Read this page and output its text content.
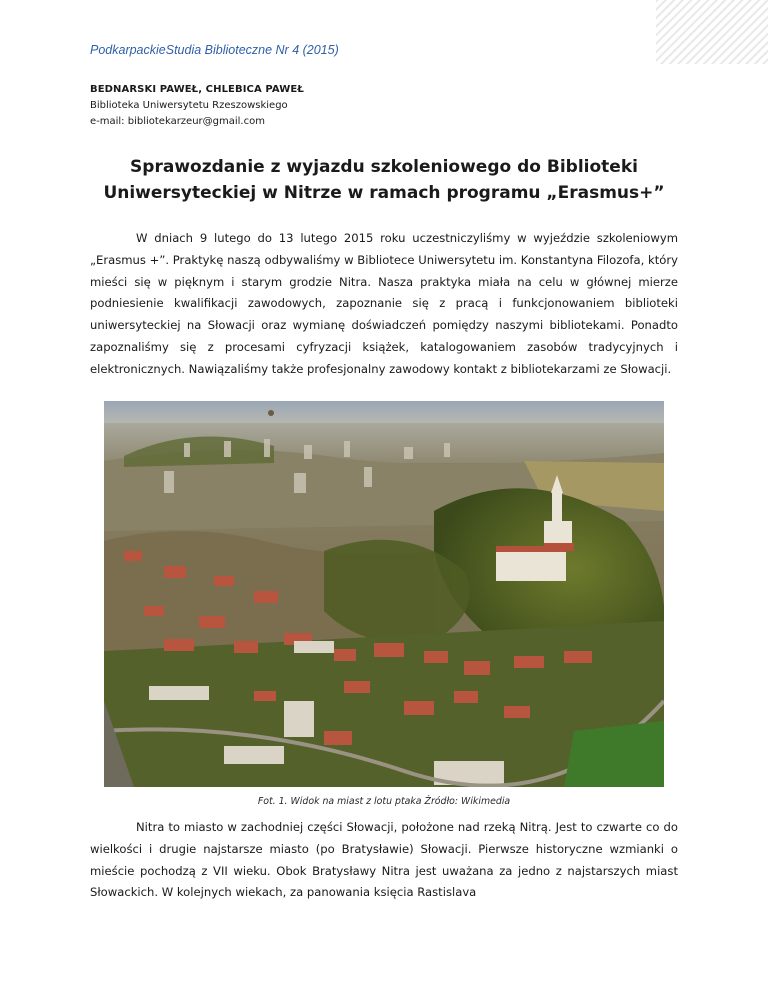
PodkarpackieStudia Biblioteczne Nr 4 (2015)
BEDNARSKI PAWEŁ, CHLEBICA PAWEŁ
Biblioteka Uniwersytetu Rzeszowskiego
e-mail: bibliotekarzeur@gmail.com
Sprawozdanie z wyjazdu szkoleniowego do Biblioteki
Uniwersyteckiej w Nitrze w ramach programu „Erasmus+”

W dniach 9 lutego do 13 lutego 2015 roku uczestniczyliśmy w wyjeździe szkoleniowym „Erasmus +”. Praktykę naszą odbywaliśmy w Bibliotece Uniwersytetu im. Konstantyna Filozofa, który mieści się w pięknym i starym grodzie Nitra. Nasza praktyka miała na celu w głównej mierze podniesienie kwalifikacji zawodowych, zapoznanie się z pracą i funkcjonowaniem biblioteki uniwersyteckiej na Słowacji oraz wymianę doświadczeń pomiędzy naszymi bibliotekami. Ponadto zapoznaliśmy się z procesami cyfryzacji książek, katalogowaniem zasobów tradycyjnych i elektronicznych. Nawiązaliśmy także profesjonalny zawodowy kontakt z bibliotekarzami ze Słowacji.

Fot. 1. Widok na miast z lotu ptaka Źródło: Wikimedia

Nitra to miasto w zachodniej części Słowacji, położone nad rzeką Nitrą. Jest to czwarte co do wielkości i drugie najstarsze miasto (po Bratysławie) Słowacji. Pierwsze historyczne wzmianki o mieście pochodzą z VII wieku. Obok Bratysławy Nitra jest uważana za jedno z najstarszych miast Słowackich. W kolejnych wiekach, za panowania księcia Rastislava
